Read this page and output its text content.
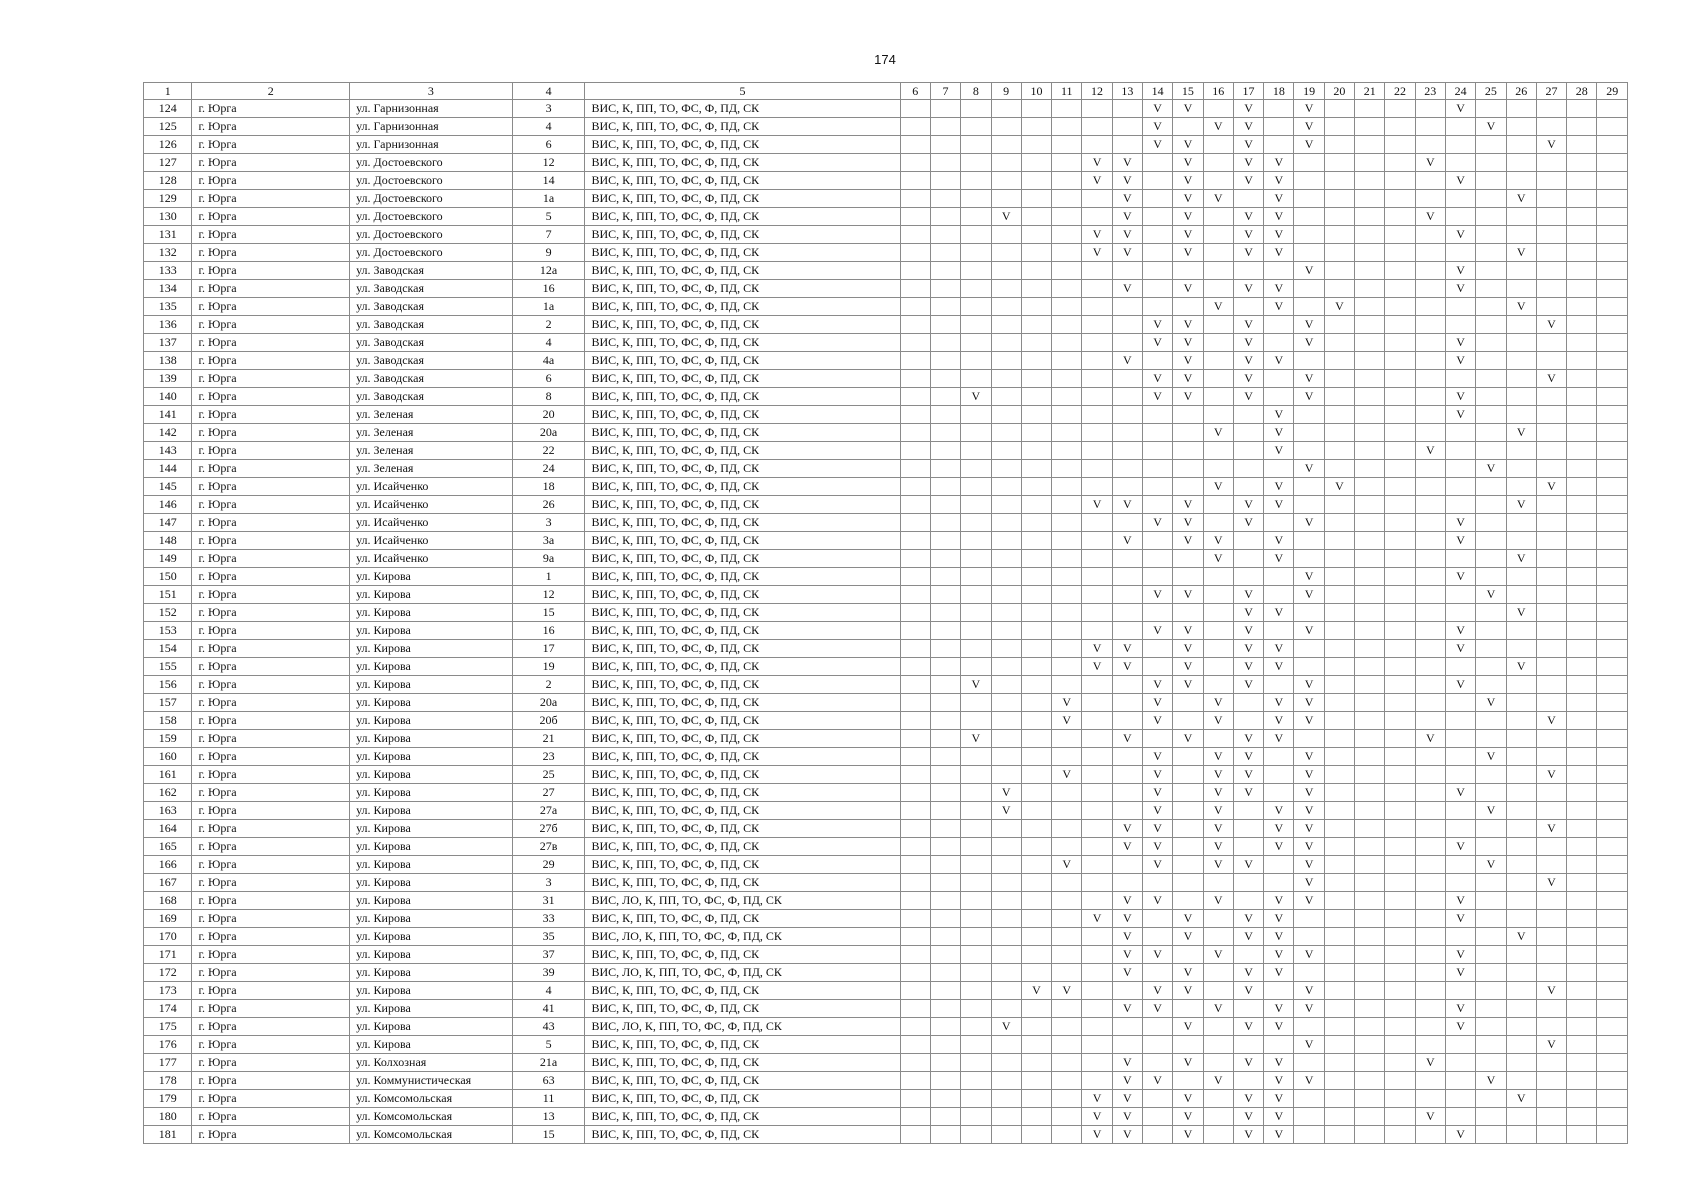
174
1	2	3	4	5	6	7	8	9	10	11	12	13	14	15	16	17	18	19	20	21	22	23	24	25	26	27	28	29
124	г. Юрга	ул. Гарнизонная	3	ВИС, К, ПП, ТО, ФС, Ф, ПД, СК									V	V		V		V					V					
125	г. Юрга	ул. Гарнизонная	4	ВИС, К, ПП, ТО, ФС, Ф, ПД, СК									V		V	V		V						V				
126	г. Юрга	ул. Гарнизонная	6	ВИС, К, ПП, ТО, ФС, Ф, ПД, СК									V	V		V		V								V		
127	г. Юрга	ул. Достоевского	12	ВИС, К, ПП, ТО, ФС, Ф, ПД, СК							V	V		V		V	V					V						
128	г. Юрга	ул. Достоевского	14	ВИС, К, ПП, ТО, ФС, Ф, ПД, СК							V	V		V		V	V						V					
129	г. Юрга	ул. Достоевского	1а	ВИС, К, ПП, ТО, ФС, Ф, ПД, СК								V		V	V		V								V			
130	г. Юрга	ул. Достоевского	5	ВИС, К, ПП, ТО, ФС, Ф, ПД, СК				V				V		V		V	V					V						
131	г. Юрга	ул. Достоевского	7	ВИС, К, ПП, ТО, ФС, Ф, ПД, СК							V	V		V		V	V						V					
132	г. Юрга	ул. Достоевского	9	ВИС, К, ПП, ТО, ФС, Ф, ПД, СК							V	V		V		V	V								V			
133	г. Юрга	ул. Заводская	12а	ВИС, К, ПП, ТО, ФС, Ф, ПД, СК														V					V					
134	г. Юрга	ул. Заводская	16	ВИС, К, ПП, ТО, ФС, Ф, ПД, СК								V		V		V	V						V					
135	г. Юрга	ул. Заводская	1а	ВИС, К, ПП, ТО, ФС, Ф, ПД, СК											V		V		V						V			
136	г. Юрга	ул. Заводская	2	ВИС, К, ПП, ТО, ФС, Ф, ПД, СК									V	V		V		V								V		
137	г. Юрга	ул. Заводская	4	ВИС, К, ПП, ТО, ФС, Ф, ПД, СК									V	V		V		V					V					
138	г. Юрга	ул. Заводская	4а	ВИС, К, ПП, ТО, ФС, Ф, ПД, СК								V		V		V	V						V					
139	г. Юрга	ул. Заводская	6	ВИС, К, ПП, ТО, ФС, Ф, ПД, СК									V	V		V		V								V		
140	г. Юрга	ул. Заводская	8	ВИС, К, ПП, ТО, ФС, Ф, ПД, СК			V						V	V		V		V					V					
141	г. Юрга	ул. Зеленая	20	ВИС, К, ПП, ТО, ФС, Ф, ПД, СК													V						V					
142	г. Юрга	ул. Зеленая	20а	ВИС, К, ПП, ТО, ФС, Ф, ПД, СК											V		V								V			
143	г. Юрга	ул. Зеленая	22	ВИС, К, ПП, ТО, ФС, Ф, ПД, СК													V					V						
144	г. Юрга	ул. Зеленая	24	ВИС, К, ПП, ТО, ФС, Ф, ПД, СК														V						V				
145	г. Юрга	ул. Исайченко	18	ВИС, К, ПП, ТО, ФС, Ф, ПД, СК											V		V		V							V		
146	г. Юрга	ул. Исайченко	26	ВИС, К, ПП, ТО, ФС, Ф, ПД, СК							V	V		V		V	V								V			
147	г. Юрга	ул. Исайченко	3	ВИС, К, ПП, ТО, ФС, Ф, ПД, СК									V	V		V		V					V					
148	г. Юрга	ул. Исайченко	3а	ВИС, К, ПП, ТО, ФС, Ф, ПД, СК								V		V	V		V						V					
149	г. Юрга	ул. Исайченко	9а	ВИС, К, ПП, ТО, ФС, Ф, ПД, СК											V		V								V			
150	г. Юрга	ул. Кирова	1	ВИС, К, ПП, ТО, ФС, Ф, ПД, СК														V					V					
151	г. Юрга	ул. Кирова	12	ВИС, К, ПП, ТО, ФС, Ф, ПД, СК									V	V		V		V						V				
152	г. Юрга	ул. Кирова	15	ВИС, К, ПП, ТО, ФС, Ф, ПД, СК												V	V								V			
153	г. Юрга	ул. Кирова	16	ВИС, К, ПП, ТО, ФС, Ф, ПД, СК									V	V		V		V					V					
154	г. Юрга	ул. Кирова	17	ВИС, К, ПП, ТО, ФС, Ф, ПД, СК							V	V		V		V	V						V					
155	г. Юрга	ул. Кирова	19	ВИС, К, ПП, ТО, ФС, Ф, ПД, СК							V	V		V		V	V								V			
156	г. Юрга	ул. Кирова	2	ВИС, К, ПП, ТО, ФС, Ф, ПД, СК			V						V	V		V		V					V					
157	г. Юрга	ул. Кирова	20а	ВИС, К, ПП, ТО, ФС, Ф, ПД, СК						V			V		V		V	V						V				
158	г. Юрга	ул. Кирова	20б	ВИС, К, ПП, ТО, ФС, Ф, ПД, СК						V			V		V		V	V								V		
159	г. Юрга	ул. Кирова	21	ВИС, К, ПП, ТО, ФС, Ф, ПД, СК			V					V		V		V	V					V						
160	г. Юрга	ул. Кирова	23	ВИС, К, ПП, ТО, ФС, Ф, ПД, СК									V		V	V		V						V				
161	г. Юрга	ул. Кирова	25	ВИС, К, ПП, ТО, ФС, Ф, ПД, СК						V			V		V	V		V								V		
162	г. Юрга	ул. Кирова	27	ВИС, К, ПП, ТО, ФС, Ф, ПД, СК				V					V		V	V		V					V					
163	г. Юрга	ул. Кирова	27а	ВИС, К, ПП, ТО, ФС, Ф, ПД, СК				V					V		V		V	V						V				
164	г. Юрга	ул. Кирова	27б	ВИС, К, ПП, ТО, ФС, Ф, ПД, СК								V	V		V		V	V								V		
165	г. Юрга	ул. Кирова	27в	ВИС, К, ПП, ТО, ФС, Ф, ПД, СК								V	V		V		V	V					V					
166	г. Юрга	ул. Кирова	29	ВИС, К, ПП, ТО, ФС, Ф, ПД, СК						V			V		V	V		V						V				
167	г. Юрга	ул. Кирова	3	ВИС, К, ПП, ТО, ФС, Ф, ПД, СК														V								V		
168	г. Юрга	ул. Кирова	31	ВИС, ЛО, К, ПП, ТО, ФС, Ф, ПД, СК								V	V		V		V	V					V					
169	г. Юрга	ул. Кирова	33	ВИС, К, ПП, ТО, ФС, Ф, ПД, СК							V	V		V		V	V						V					
170	г. Юрга	ул. Кирова	35	ВИС, ЛО, К, ПП, ТО, ФС, Ф, ПД, СК								V		V		V	V								V			
171	г. Юрга	ул. Кирова	37	ВИС, К, ПП, ТО, ФС, Ф, ПД, СК								V	V		V		V	V					V					
172	г. Юрга	ул. Кирова	39	ВИС, ЛО, К, ПП, ТО, ФС, Ф, ПД, СК								V		V		V	V						V					
173	г. Юрга	ул. Кирова	4	ВИС, К, ПП, ТО, ФС, Ф, ПД, СК					V	V			V	V		V		V								V		
174	г. Юрга	ул. Кирова	41	ВИС, К, ПП, ТО, ФС, Ф, ПД, СК								V	V		V		V	V					V					
175	г. Юрга	ул. Кирова	43	ВИС, ЛО, К, ПП, ТО, ФС, Ф, ПД, СК				V						V		V	V						V					
176	г. Юрга	ул. Кирова	5	ВИС, К, ПП, ТО, ФС, Ф, ПД, СК														V								V		
177	г. Юрга	ул. Колхозная	21а	ВИС, К, ПП, ТО, ФС, Ф, ПД, СК								V		V		V	V					V						
178	г. Юрга	ул. Коммунистическая	63	ВИС, К, ПП, ТО, ФС, Ф, ПД, СК								V	V		V		V	V						V				
179	г. Юрга	ул. Комсомольская	11	ВИС, К, ПП, ТО, ФС, Ф, ПД, СК							V	V		V		V	V								V			
180	г. Юрга	ул. Комсомольская	13	ВИС, К, ПП, ТО, ФС, Ф, ПД, СК							V	V		V		V	V					V						
181	г. Юрга	ул. Комсомольская	15	ВИС, К, ПП, ТО, ФС, Ф, ПД, СК							V	V		V		V	V						V					
